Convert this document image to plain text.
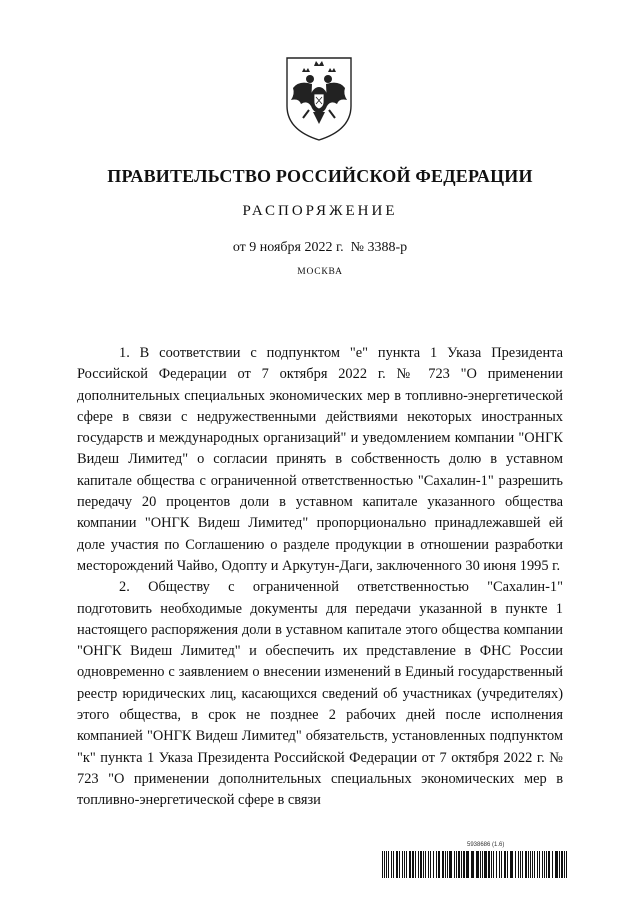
ПРАВИТЕЛЬСТВО РОССИЙСКОЙ ФЕДЕРАЦИИ
РАСПОРЯЖЕНИЕ
от 9 ноября 2022 г.  № 3388-р
МОСКВА

1. В соответствии с подпунктом "е" пункта 1 Указа Президента Российской Федерации от 7 октября 2022 г. № 723 "О применении дополнительных специальных экономических мер в топливно-энергетической сфере в связи с недружественными действиями некоторых иностранных государств и международных организаций" и уведомлением компании "ОНГК Видеш Лимитед" о согласии принять в собственность долю в уставном капитале общества с ограниченной ответственностью "Сахалин-1" разрешить передачу 20 процентов доли в уставном капитале указанного общества компании "ОНГК Видеш Лимитед" пропорционально принадлежавшей ей доле участия по Соглашению о разделе продукции в отношении разработки месторождений Чайво, Одопту и Аркутун-Даги, заключенного 30 июня 1995 г.

2. Обществу с ограниченной ответственностью "Сахалин-1" подготовить необходимые документы для передачи указанной в пункте 1 настоящего распоряжения доли в уставном капитале этого общества компании "ОНГК Видеш Лимитед" и обеспечить их представление в ФНС России одновременно с заявлением о внесении изменений в Единый государственный реестр юридических лиц, касающихся сведений об участниках (учредителях) этого общества, в срок не позднее 2 рабочих дней после исполнения компанией "ОНГК Видеш Лимитед" обязательств, установленных подпунктом "к" пункта 1 Указа Президента Российской Федерации от 7 октября 2022 г. № 723 "О применении дополнительных специальных экономических мер в топливно-энергетической сфере в связи

5938686 (1.6)
